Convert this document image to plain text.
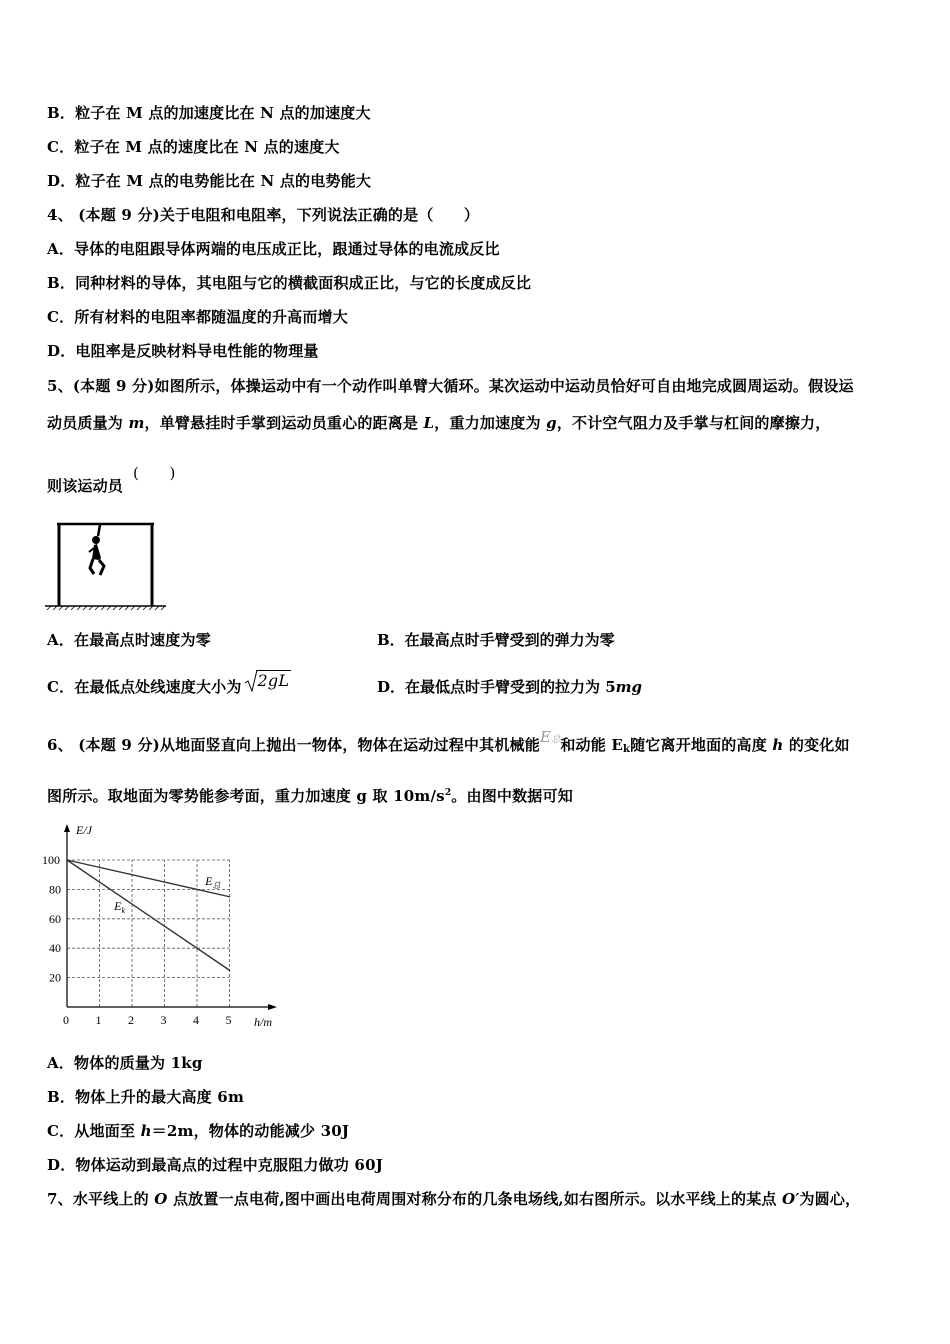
B．粒子在 M 点的加速度比在 N 点的加速度大
C．粒子在 M 点的速度比在 N 点的速度大
D．粒子在 M 点的电势能比在 N 点的电势能大
4、 (本题 9 分)关于电阻和电阻率，下列说法正确的是（　　）
A．导体的电阻跟导体两端的电压成正比，跟通过导体的电流成反比
B．同种材料的导体，其电阻与它的横截面积成正比，与它的长度成反比
C．所有材料的电阻率都随温度的升高而增大
D．电阻率是反映材料导电性能的物理量
5、(本题 9 分)如图所示，体操运动中有一个动作叫单臂大循环。某次运动中运动员恰好可自由地完成圆周运动。假设运
动员质量为 m，单臂悬挂时手掌到运动员重心的距离是 L，重力加速度为 g，不计空气阻力及手掌与杠间的摩擦力，
则该运动员
(　　)
A．在最高点时速度为零	B．在最高点时手臂受到的弹力为零
C．在最低点处线速度大小为 2gL	D．在最低点时手臂受到的拉力为 5mg
6、 (本题 9 分)从地面竖直向上抛出一物体，物体在运动过程中其机械能E总和动能 $E_k$随它离开地面的高度 h 的变化如
图所示。取地面为零势能参考面，重力加速度 g 取 $10m/s^2$。由图中数据可知
0 1 2 3 4 5
20
40
60
80
100
E/J
h/m
$E_总$
$E_k$
A．物体的质量为 1kg
B．物体上升的最大高度 6m
C．从地面至 h＝2m，物体的动能减少 30J
D．物体运动到最高点的过程中克服阻力做功 60J
7、水平线上的 O 点放置一点电荷,图中画出电荷周围对称分布的几条电场线,如右图所示。以水平线上的某点 O′为圆心，
